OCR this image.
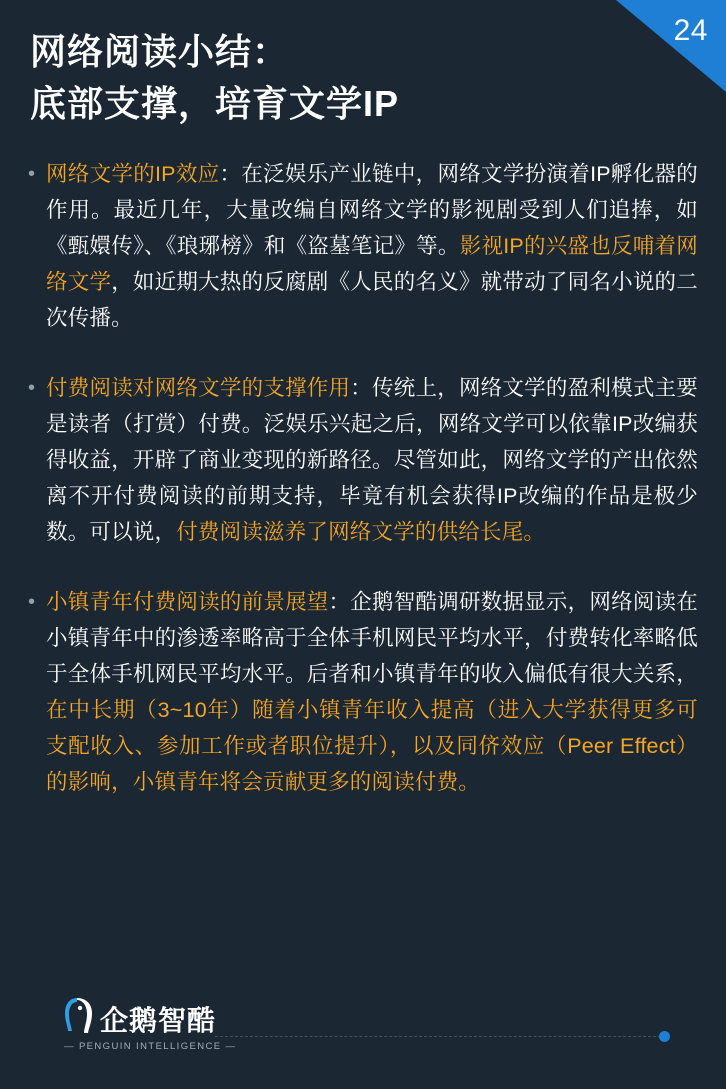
24
网络阅读小结：
底部支撑，培育文学IP
• 网络文学的IP效应：在泛娱乐产业链中，网络文学扮演着IP孵化器的作用。最近几年，大量改编自网络文学的影视剧受到人们追捧，如《甄嬛传》、《琅琊榜》和《盗墓笔记》等。影视IP的兴盛也反哺着网络文学，如近期大热的反腐剧《人民的名义》就带动了同名小说的二次传播。
• 付费阅读对网络文学的支撑作用：传统上，网络文学的盈利模式主要是读者（打赏）付费。泛娱乐兴起之后，网络文学可以依靠IP改编获得收益，开辟了商业变现的新路径。尽管如此，网络文学的产出依然离不开付费阅读的前期支持，毕竟有机会获得IP改编的作品是极少数。可以说，付费阅读滋养了网络文学的供给长尾。
• 小镇青年付费阅读的前景展望：企鹅智酷调研数据显示，网络阅读在小镇青年中的渗透率略高于全体手机网民平均水平，付费转化率略低于全体手机网民平均水平。后者和小镇青年的收入偏低有很大关系，在中长期（3~10年）随着小镇青年收入提高（进入大学获得更多可支配收入、参加工作或者职位提升），以及同侪效应（Peer Effect）的影响，小镇青年将会贡献更多的阅读付费。
企鹅智酷
— PENGUIN INTELLIGENCE —
